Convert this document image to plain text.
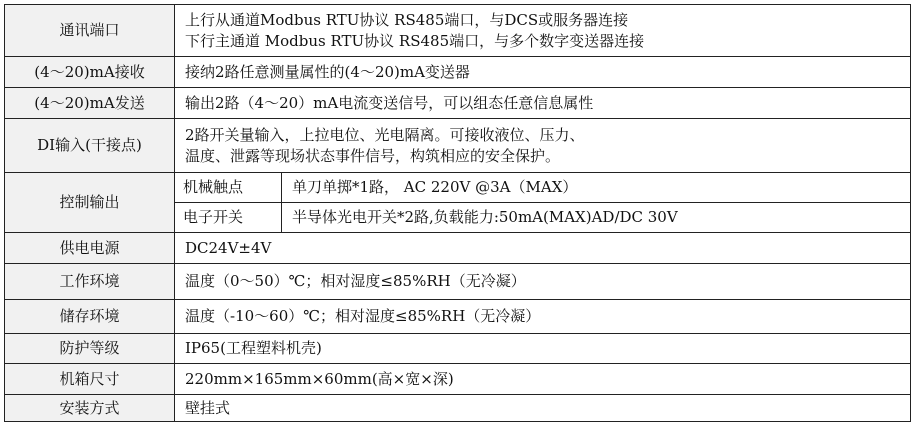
通讯端口	上行从通道Modbus RTU协议 RS485端口，与DCS或服务器连接
下行主通道 Modbus RTU协议 RS485端口，与多个数字变送器连接	

(4～20)mA接收	接纳2路任意测量属性的(4～20)mA变送器	
(4～20)mA发送	输出2路（4～20）mA电流变送信号，可以组态任意信息属性	
DI输入(干接点)	2路开关量输入，上拉电位、光电隔离。可接收液位、压力、
温度、泄露等现场状态事件信号，构筑相应的安全保护。	

控制输出	机械触点	单刀单掷*1路， AC 220V @3A（MAX）
	电子开关	半导体光电开关*2路,负载能力:50mA(MAX)AD/DC 30V
供电电源	DC24V±4V	
工作环境	温度（0～50）℃；相对湿度≤85%RH（无冷凝）	
储存环境	温度（-10～60）℃；相对湿度≤85%RH（无冷凝）	
防护等级	IP65(工程塑料机壳)	
机箱尺寸	220mm×165mm×60mm(高×宽×深)	
安装方式	壁挂式	
